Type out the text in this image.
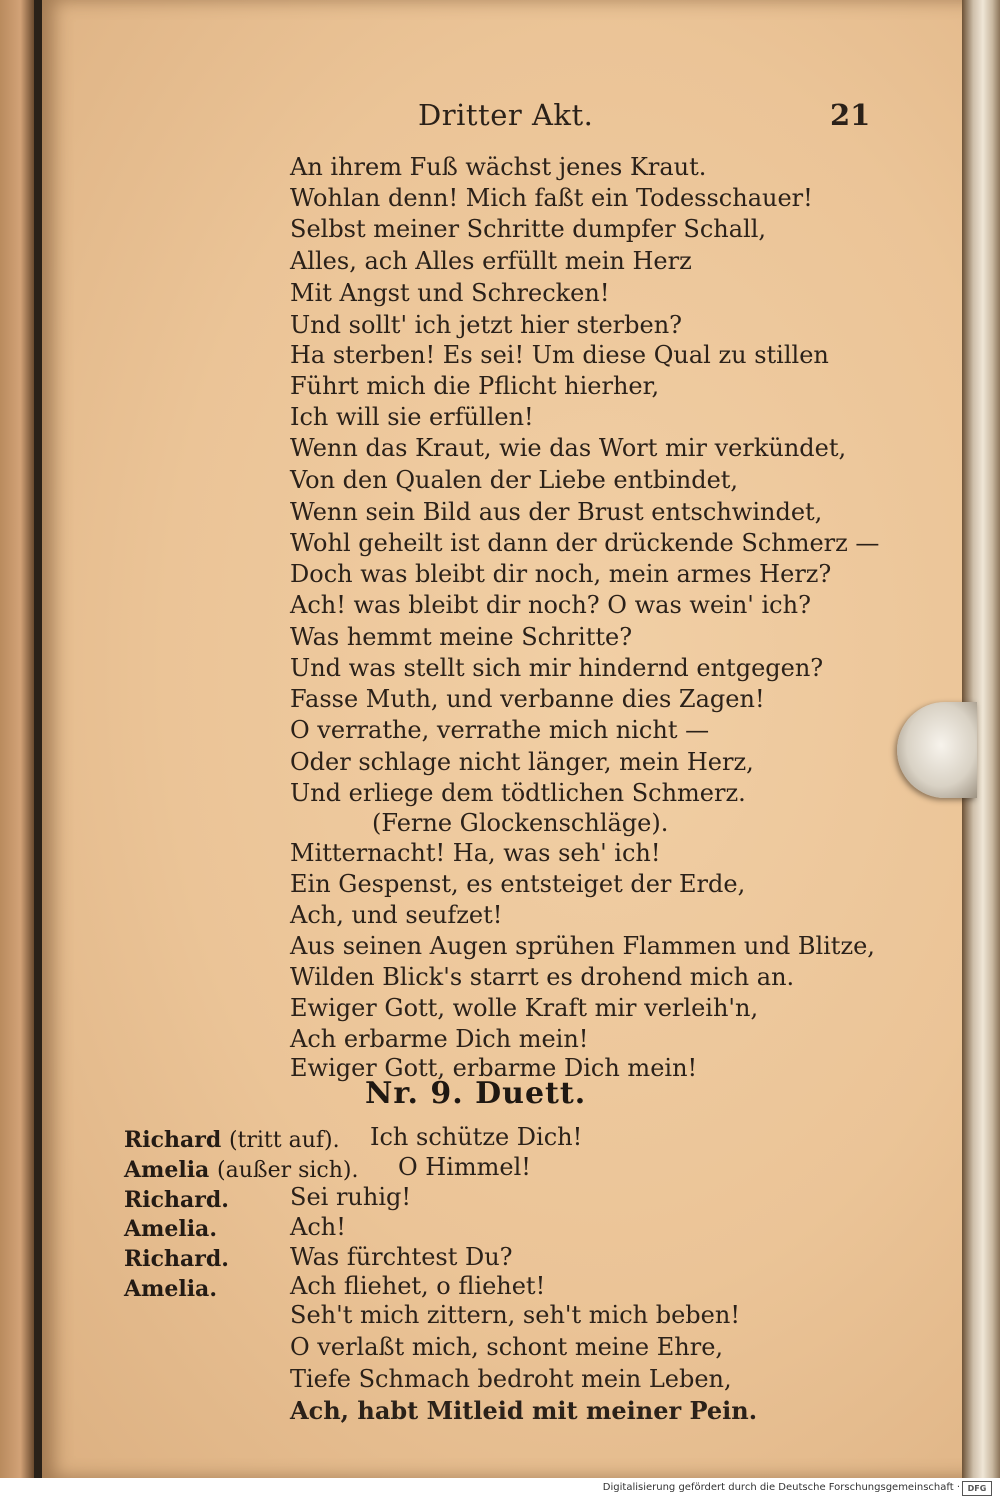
Dritter Akt.	21
An ihrem Fuß wächst jenes Kraut.
Wohlan denn! Mich faßt ein Todesschauer!
Selbst meiner Schritte dumpfer Schall,
Alles, ach Alles erfüllt mein Herz
Mit Angst und Schrecken!
Und sollt' ich jetzt hier sterben?
Ha sterben! Es sei! Um diese Qual zu stillen
Führt mich die Pflicht hierher,
Ich will sie erfüllen!
Wenn das Kraut, wie das Wort mir verkündet,
Von den Qualen der Liebe entbindet,
Wenn sein Bild aus der Brust entschwindet,
Wohl geheilt ist dann der drückende Schmerz —
Doch was bleibt dir noch, mein armes Herz?
Ach! was bleibt dir noch? O was wein' ich?
Was hemmt meine Schritte?
Und was stellt sich mir hindernd entgegen?
Fasse Muth, und verbanne dies Zagen!
O verrathe, verrathe mich nicht —
Oder schlage nicht länger, mein Herz,
Und erliege dem tödtlichen Schmerz.
(Ferne Glockenschläge).
Mitternacht! Ha, was seh' ich!
Ein Gespenst, es entsteiget der Erde,
Ach, und seufzet!
Aus seinen Augen sprühen Flammen und Blitze,
Wilden Blick's starrt es drohend mich an.
Ewiger Gott, wolle Kraft mir verleih'n,
Ach erbarme Dich mein!
Ewiger Gott, erbarme Dich mein!
Nr. 9. Duett.
Richard (tritt auf). Ich schütze Dich!
Amelia (außer sich). O Himmel!
Richard.	Sei ruhig!
Amelia.	Ach!
Richard.	Was fürchtest Du?
Amelia.	Ach fliehet, o fliehet!
Seh't mich zittern, seh't mich beben!
O verlaßt mich, schont meine Ehre,
Tiefe Schmach bedroht mein Leben,
Ach, habt Mitleid mit meiner Pein.
Digitalisierung gefördert durch die Deutsche Forschungsgemeinschaft · DFG
